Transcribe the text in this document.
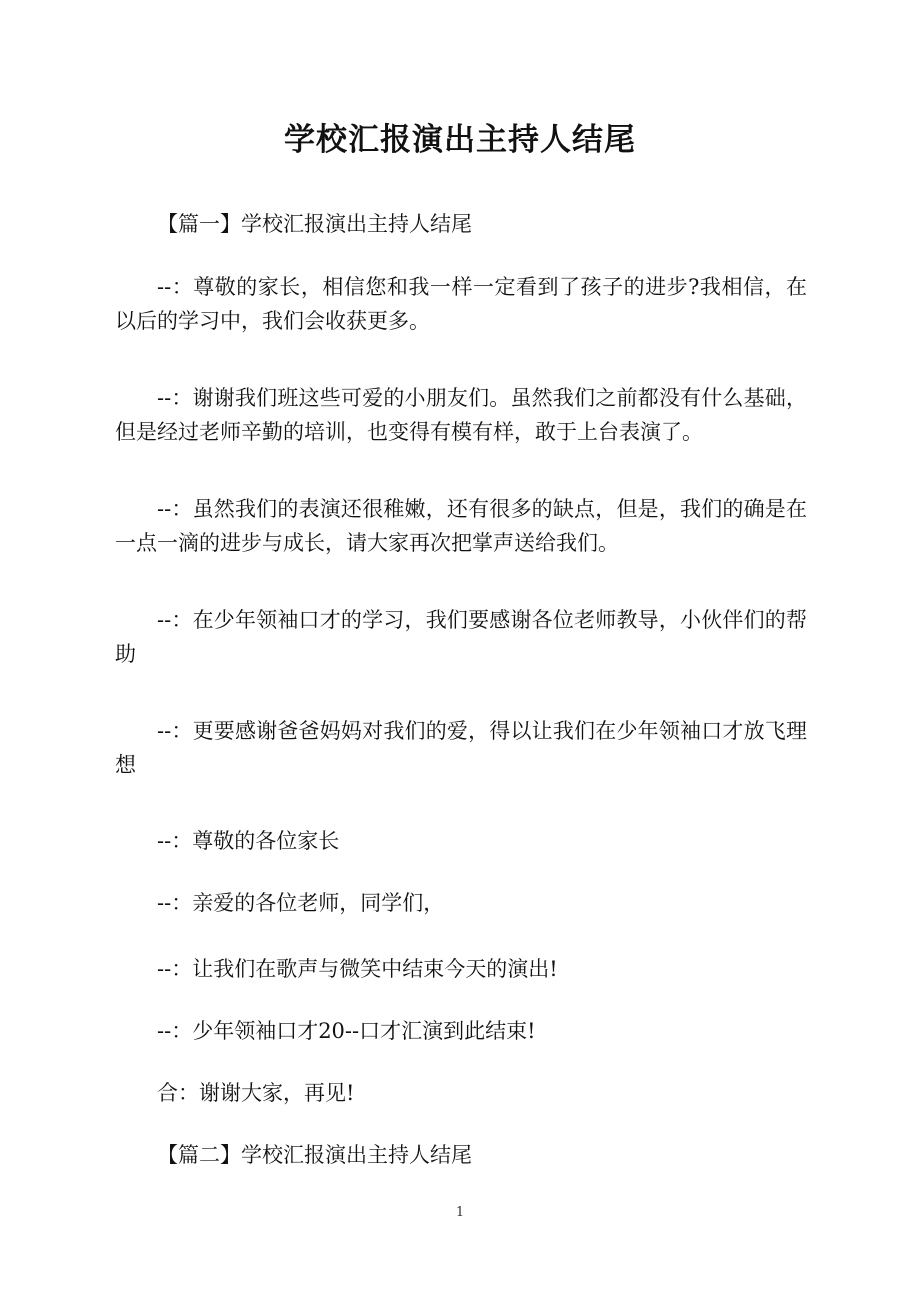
学校汇报演出主持人结尾

【篇一】学校汇报演出主持人结尾

--：尊敬的家长，相信您和我一样一定看到了孩子的进步?我相信，在以后的学习中，我们会收获更多。

--：谢谢我们班这些可爱的小朋友们。虽然我们之前都没有什么基础，但是经过老师辛勤的培训，也变得有模有样，敢于上台表演了。

--：虽然我们的表演还很稚嫩，还有很多的缺点，但是，我们的确是在一点一滴的进步与成长，请大家再次把掌声送给我们。

--：在少年领袖口才的学习，我们要感谢各位老师教导，小伙伴们的帮助

--：更要感谢爸爸妈妈对我们的爱，得以让我们在少年领袖口才放飞理想

--：尊敬的各位家长

--：亲爱的各位老师，同学们，

--：让我们在歌声与微笑中结束今天的演出!

--：少年领袖口才20--口才汇演到此结束!

合：谢谢大家，再见!

【篇二】学校汇报演出主持人结尾

1
